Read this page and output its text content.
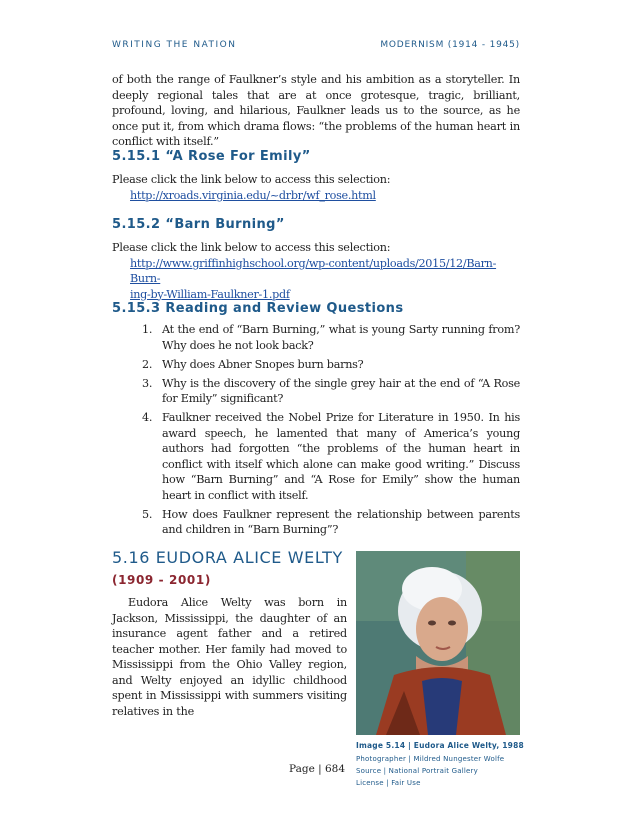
WRITING THE NATION	MODERNISM (1914 - 1945)

of both the range of Faulkner’s style and his ambition as a storyteller. In deeply regional tales that are at once grotesque, tragic, brilliant, profound, loving, and hilarious, Faulkner leads us to the source, as he once put it, from which drama flows: “the problems of the human heart in conflict with itself.”

5.15.1 “A Rose For Emily”

Please click the link below to access this selection:

http://xroads.virginia.edu/~drbr/wf_rose.html
5.15.2 “Barn Burning”

Please click the link below to access this selection:

http://www.griffinhighschool.org/wp-content/uploads/2015/12/Barn-Burn-
ing-by-William-Faulkner-1.pdf
5.15.3 Reading and Review Questions
1. At the end of “Barn Burning,” what is young Sarty running from? Why does he not look back?
2. Why does Abner Snopes burn barns?
3. Why is the discovery of the single grey hair at the end of “A Rose for Emily” significant?
4. Faulkner received the Nobel Prize for Literature in 1950. In his award speech, he lamented that many of America’s young authors had forgotten “the problems of the human heart in conflict with itself which alone can make good writing.” Discuss how “Barn Burning” and “A Rose for Emily” show the human heart in conflict with itself.
5. How does Faulkner represent the relationship between parents and children in “Barn Burning”?
5.16 EUDORA ALICE WELTY
(1909 - 2001)

Eudora Alice Welty was born in Jackson, Mississippi, the daughter of an insurance agent father and a retired teacher mother. Her family had moved to Mississippi from the Ohio Valley region, and Welty enjoyed an idyllic childhood spent in Mississippi with summers visiting relatives in the

Image 5.14 | Eudora Alice Welty, 1988
Photographer | Mildred Nungester Wolfe
Source | National Portrait Gallery
License | Fair Use
Page | 684
